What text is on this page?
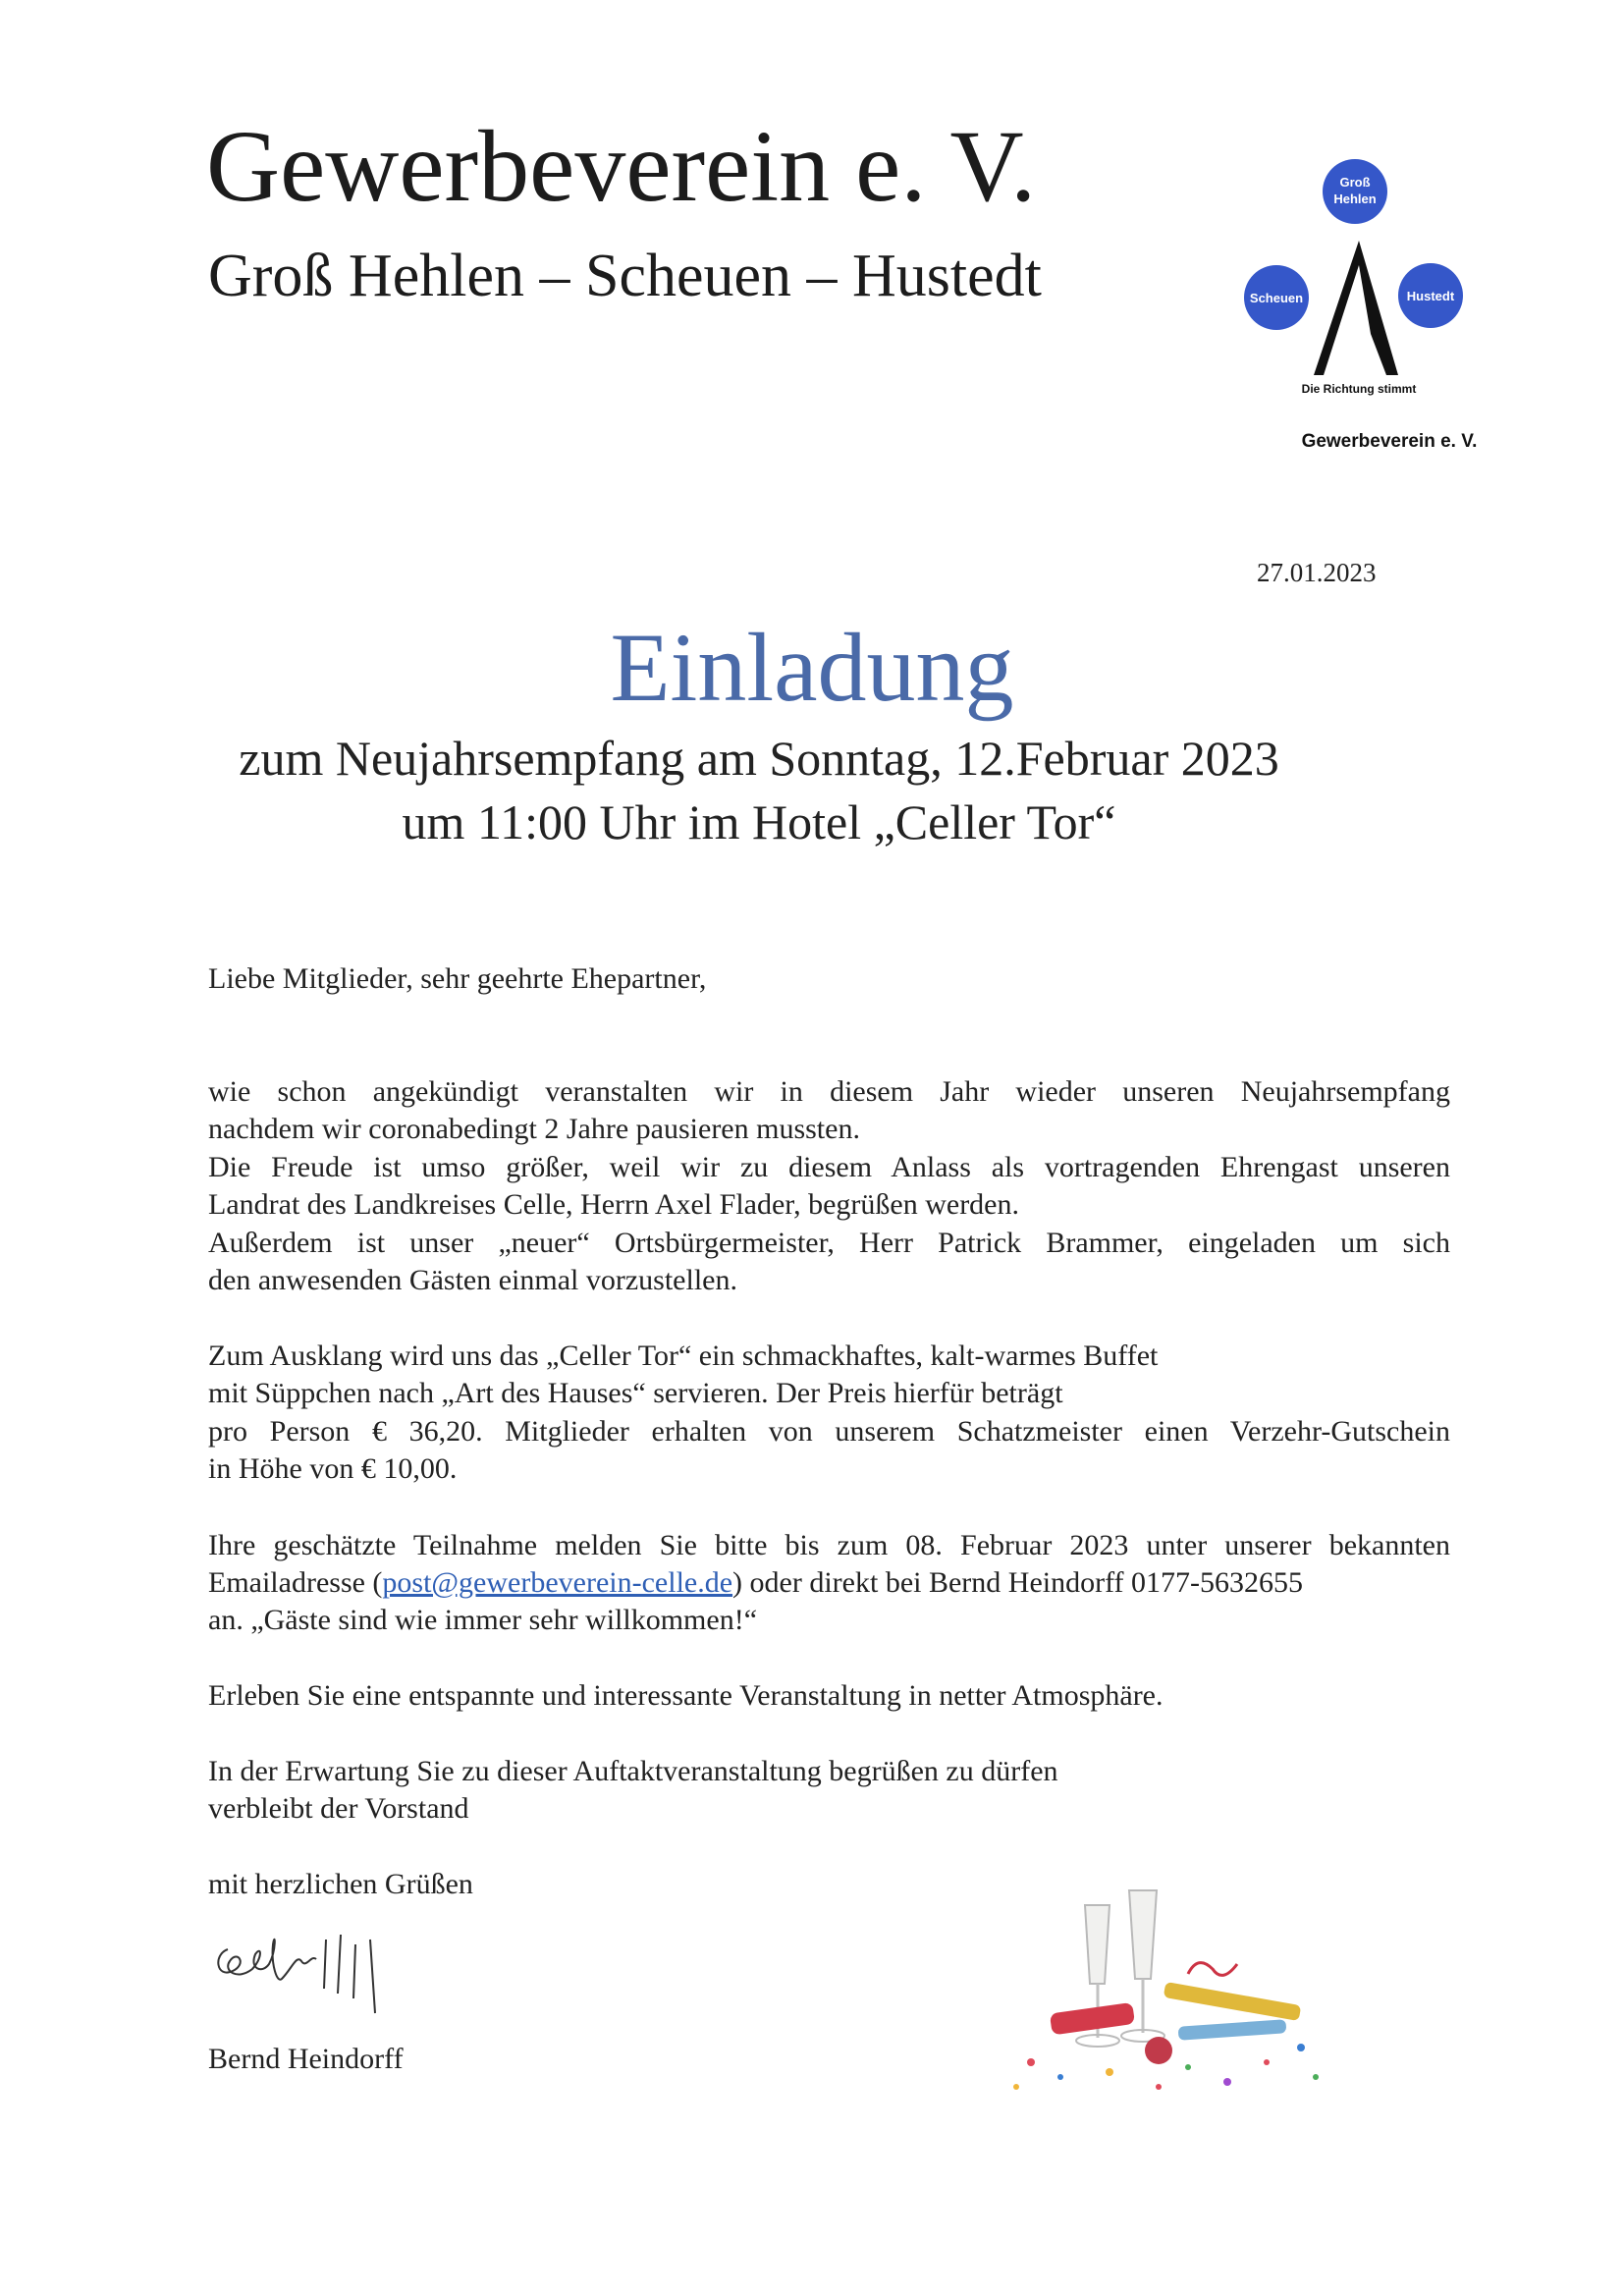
Gewerbeverein e. V.
Groß Hehlen – Scheuen – Hustedt
Groß
Hehlen
Scheuen	Hustedt
Die Richtung stimmt
Gewerbeverein e. V.
27.01.2023
Einladung
zum Neujahrsempfang am Sonntag, 12.Februar 2023
um 11:00 Uhr im Hotel „Celler Tor“
Liebe Mitglieder, sehr geehrte Ehepartner,
wie schon angekündigt veranstalten wir in diesem Jahr wieder unseren Neujahrsempfang
nachdem wir coronabedingt 2 Jahre pausieren mussten.
Die Freude ist umso größer, weil wir zu diesem Anlass als vortragenden Ehrengast unseren
Landrat des Landkreises Celle, Herrn Axel Flader, begrüßen werden.
Außerdem ist unser „neuer“ Ortsbürgermeister, Herr Patrick Brammer, eingeladen um sich
den anwesenden Gästen einmal vorzustellen.
Zum Ausklang wird uns das „Celler Tor“ ein schmackhaftes, kalt-warmes Buffet
mit Süppchen nach „Art des Hauses“ servieren. Der Preis hierfür beträgt
pro Person € 36,20. Mitglieder erhalten von unserem Schatzmeister einen Verzehr-Gutschein
in Höhe von € 10,00.
Ihre geschätzte Teilnahme melden Sie bitte bis zum 08. Februar 2023 unter unserer bekannten
Emailadresse (post@gewerbeverein-celle.de) oder direkt bei Bernd Heindorff 0177-5632655
an. „Gäste sind wie immer sehr willkommen!“
Erleben Sie eine entspannte und interessante Veranstaltung in netter Atmosphäre.
In der Erwartung Sie zu dieser Auftaktveranstaltung begrüßen zu dürfen
verbleibt der Vorstand
mit herzlichen Grüßen
Bernd Heindorff
